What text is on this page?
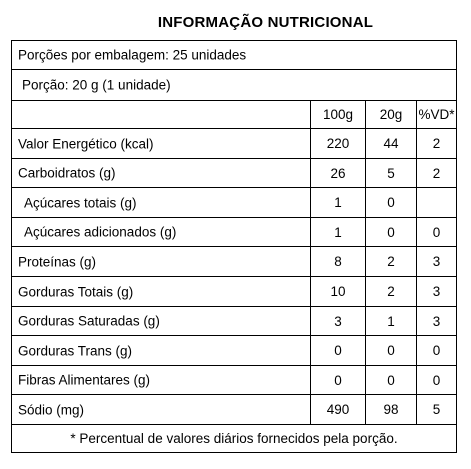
INFORMAÇÃO NUTRICIONAL
Porções por embalagem: 25 unidades
Porção: 20 g (1 unidade)
100g	20g	%VD*
Valor Energético (kcal)	220	44	2
Carboidratos (g)	26	5	2
Açúcares totais (g)	1	0
Açúcares adicionados (g)	1	0	0
Proteínas (g)	8	2	3
Gorduras Totais (g)	10	2	3
Gorduras Saturadas (g)	3	1	3
Gorduras Trans (g)	0	0	0
Fibras Alimentares (g)	0	0	0
Sódio (mg)	490	98	5
* Percentual de valores diários fornecidos pela porção.
